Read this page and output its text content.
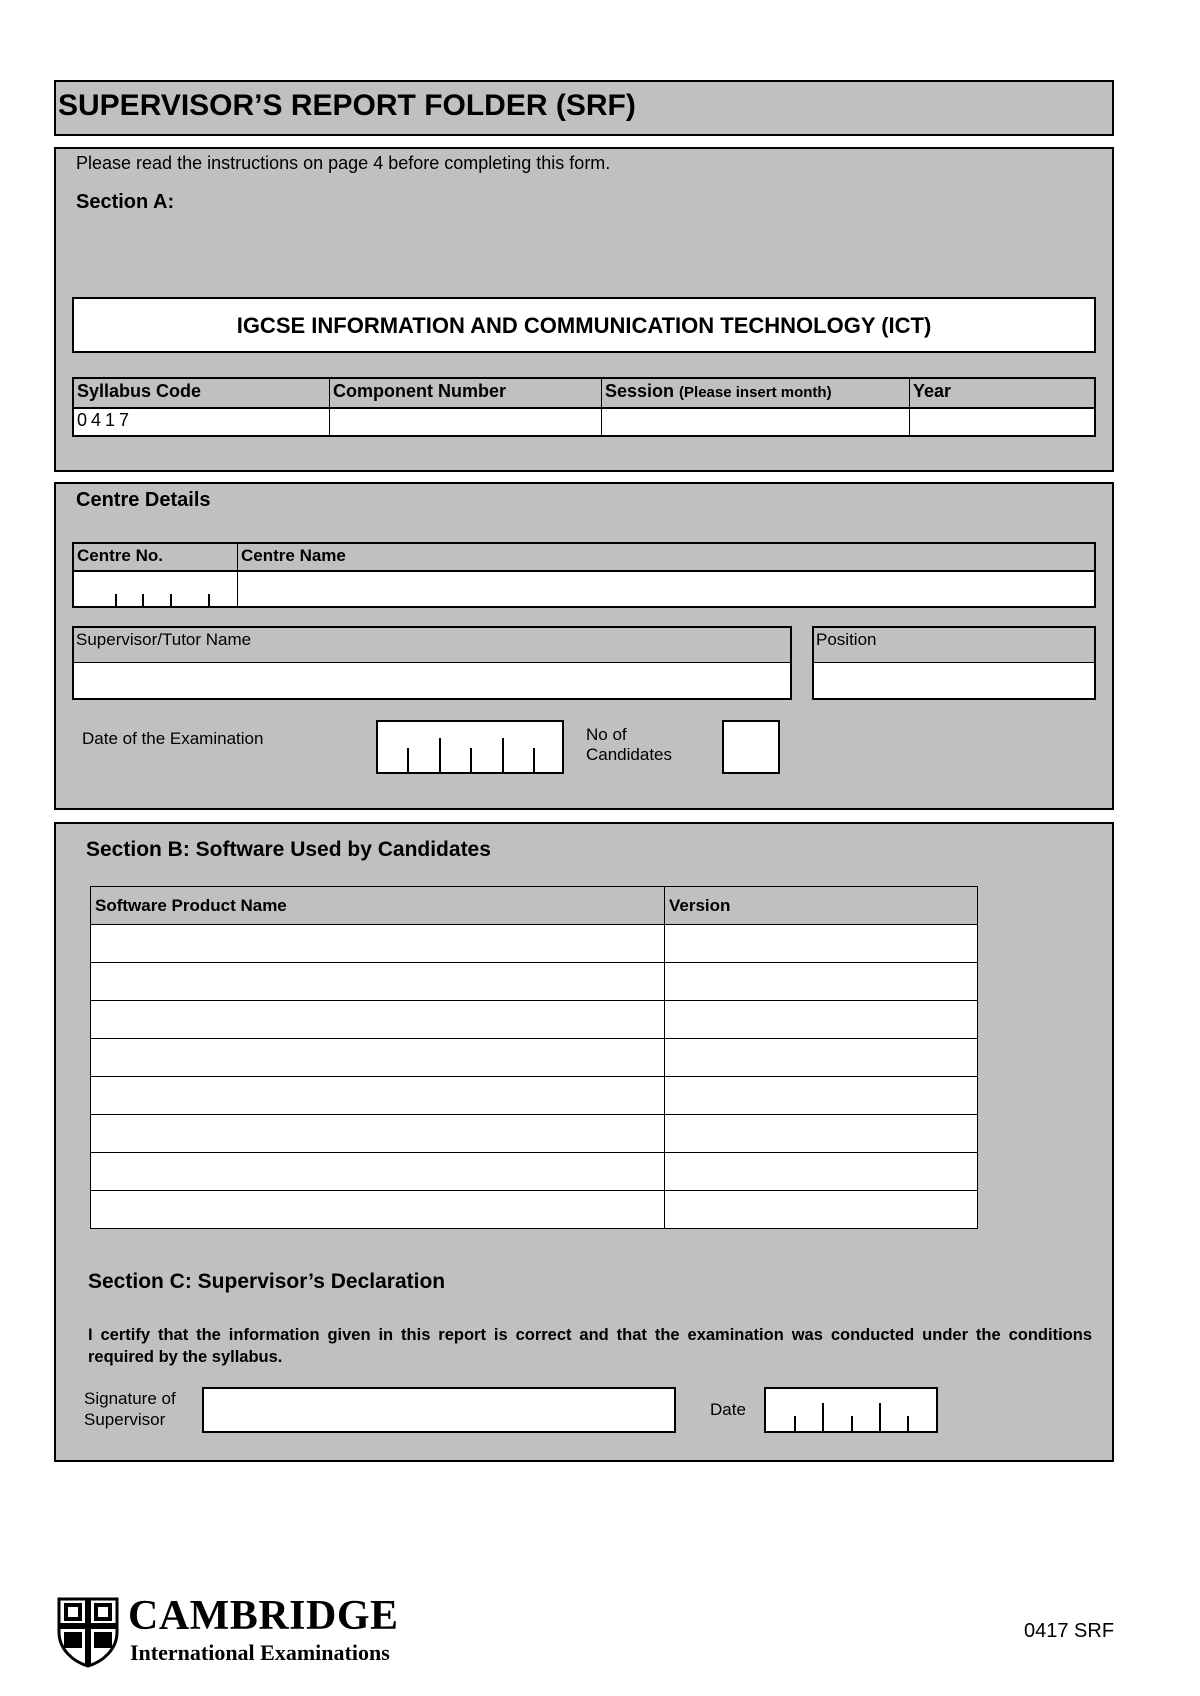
SUPERVISOR’S REPORT FOLDER (SRF)
Please read the instructions on page 4 before completing this form.
Section A:
IGCSE INFORMATION AND COMMUNICATION TECHNOLOGY (ICT)
Syllabus Code	Component Number	Session (Please insert month)	Year
0417
Centre Details
Centre No.	Centre Name
Supervisor/Tutor Name	Position
Date of the Examination	No of
Candidates
Section B: Software Used by Candidates
Software Product Name	Version

Section C: Supervisor’s Declaration
I certify that the information given in this report is correct and that the examination was conducted under the conditions required by the syllabus.
Signature of
Supervisor
Date
CAMBRIDGE
International Examinations
0417 SRF
